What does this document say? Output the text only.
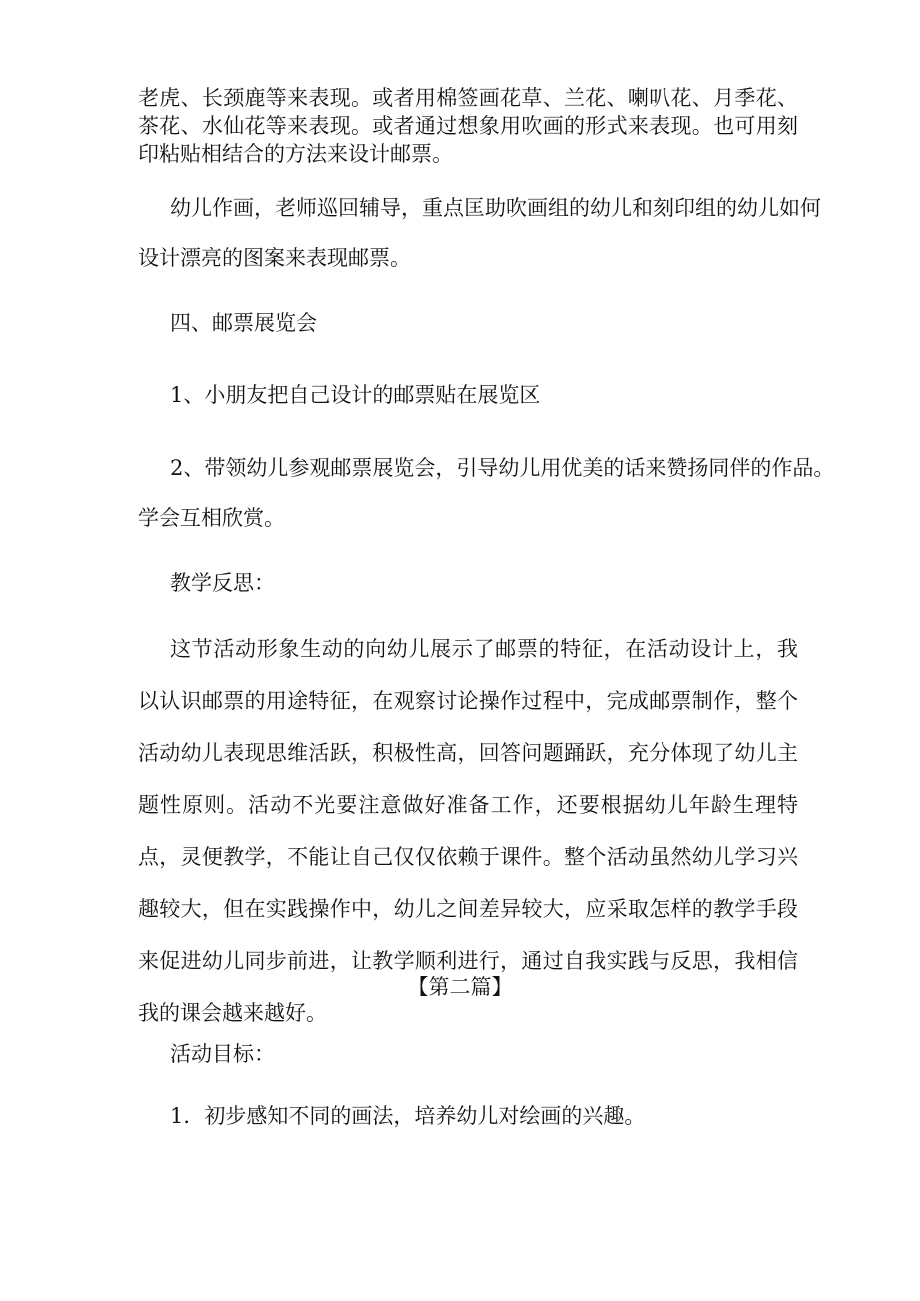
老虎、长颈鹿等来表现。或者用棉签画花草、兰花、喇叭花、月季花、茶花、水仙花等来表现。或者通过想象用吹画的形式来表现。也可用刻印粘贴相结合的方法来设计邮票。
幼儿作画，老师巡回辅导，重点匡助吹画组的幼儿和刻印组的幼儿如何
设计漂亮的图案来表现邮票。
四、邮票展览会
1、小朋友把自己设计的邮票贴在展览区
2、带领幼儿参观邮票展览会，引导幼儿用优美的话来赞扬同伴的作品。
学会互相欣赏。
教学反思：
这节活动形象生动的向幼儿展示了邮票的特征，在活动设计上，我以认识邮票的用途特征，在观察讨论操作过程中，完成邮票制作，整个活动幼儿表现思维活跃，积极性高，回答问题踊跃，充分体现了幼儿主题性原则。活动不光要注意做好准备工作，还要根据幼儿年龄生理特点，灵便教学，不能让自己仅仅依赖于课件。整个活动虽然幼儿学习兴趣较大，但在实践操作中，幼儿之间差异较大，应采取怎样的教学手段来促进幼儿同步前进，让教学顺利进行，通过自我实践与反思，我相信我的课会越来越好。
【第二篇】
活动目标：
1．初步感知不同的画法，培养幼儿对绘画的兴趣。
